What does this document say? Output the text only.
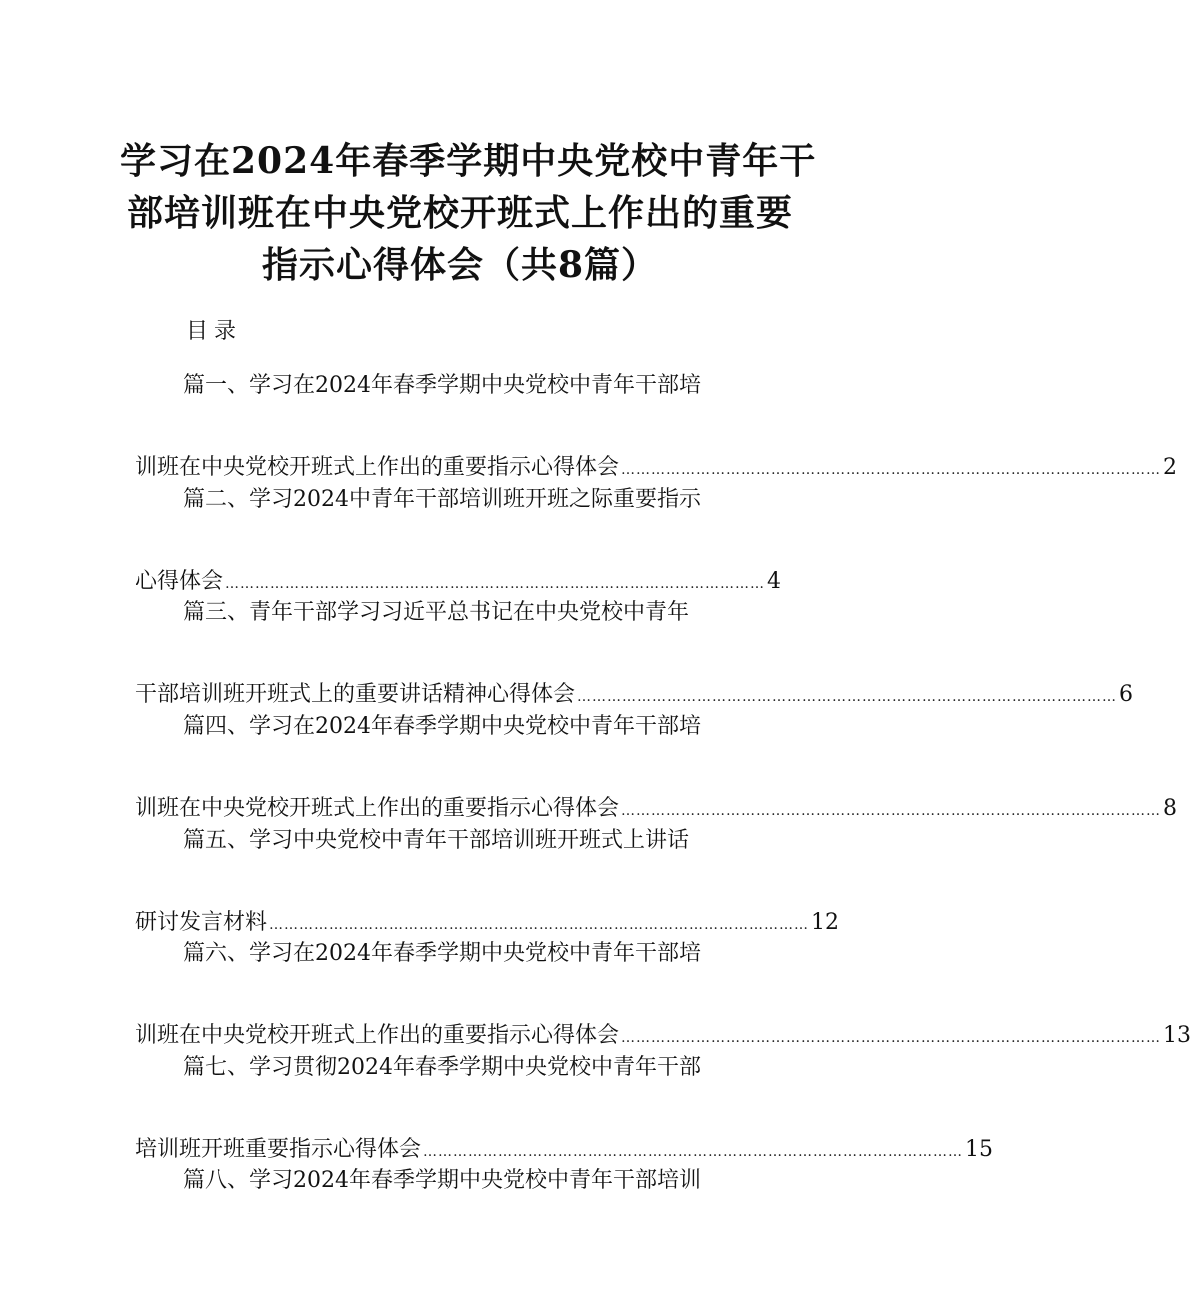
学习在2024年春季学期中央党校中青年干
部培训班在中央党校开班式上作出的重要
指示心得体会（共8篇）
目录
篇一、学习在2024年春季学期中央党校中青年干部培
训班在中央党校开班式上作出的重要指示心得体会 ……………………………………………………………………………………………… 2
篇二、学习2024中青年干部培训班开班之际重要指示
心得体会 ……………………………………………………………………………………………… 4
篇三、青年干部学习习近平总书记在中央党校中青年
干部培训班开班式上的重要讲话精神心得体会 ……………………………………………………………………………………………… 6
篇四、学习在2024年春季学期中央党校中青年干部培
训班在中央党校开班式上作出的重要指示心得体会 ……………………………………………………………………………………………… 8
篇五、学习中央党校中青年干部培训班开班式上讲话
研讨发言材料 ……………………………………………………………………………………………… 12
篇六、学习在2024年春季学期中央党校中青年干部培
训班在中央党校开班式上作出的重要指示心得体会 ……………………………………………………………………………………………… 13
篇七、学习贯彻2024年春季学期中央党校中青年干部
培训班开班重要指示心得体会 ……………………………………………………………………………………………… 15
篇八、学习2024年春季学期中央党校中青年干部培训
